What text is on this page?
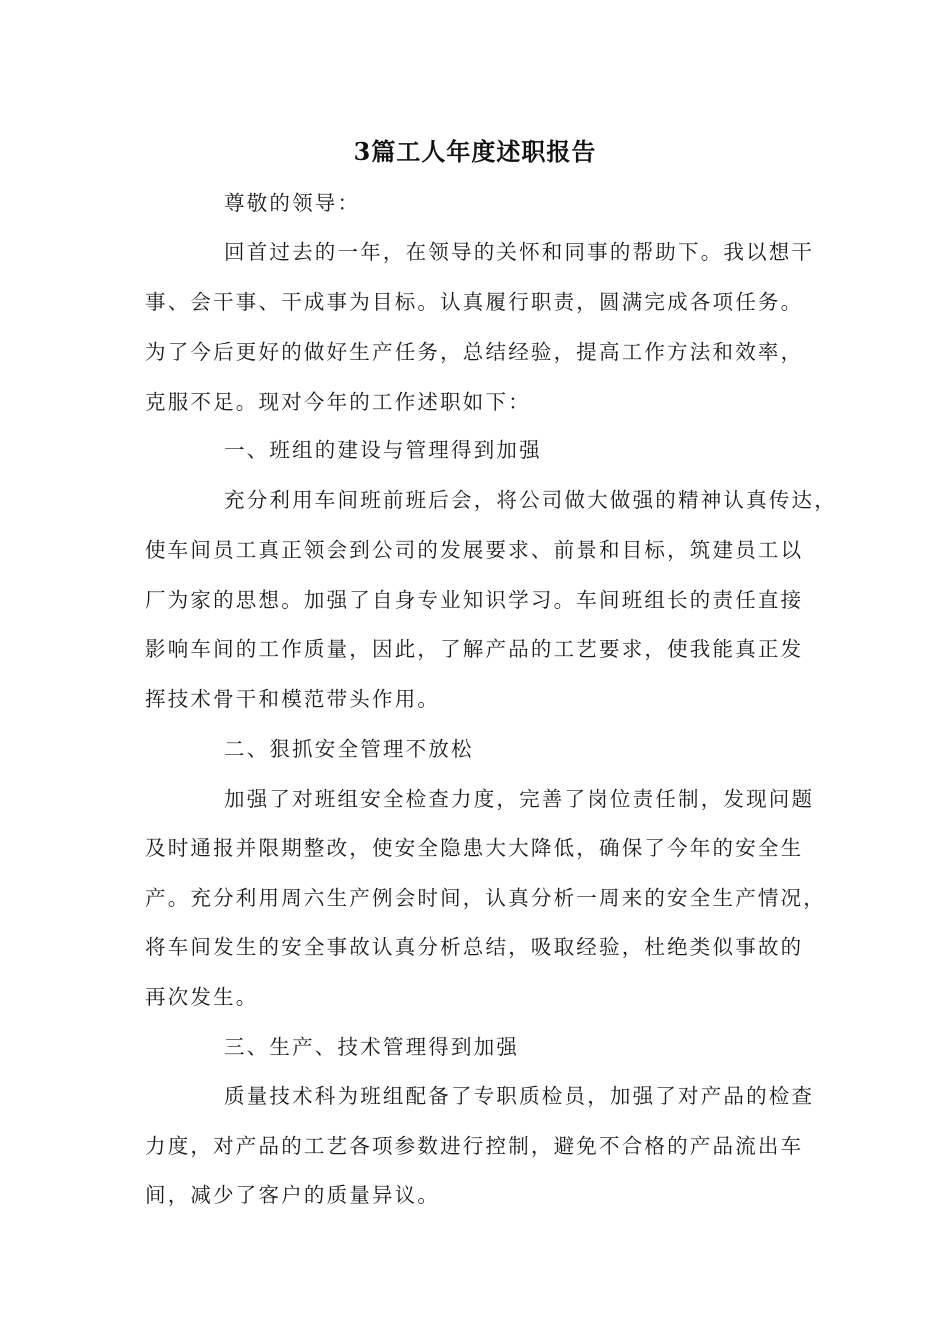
3篇工人年度述职报告
尊敬的领导：
回首过去的一年，在领导的关怀和同事的帮助下。我以想干
事、会干事、干成事为目标。认真履行职责，圆满完成各项任务。
为了今后更好的做好生产任务，总结经验，提高工作方法和效率，
克服不足。现对今年的工作述职如下：
一、班组的建设与管理得到加强
充分利用车间班前班后会，将公司做大做强的精神认真传达，
使车间员工真正领会到公司的发展要求、前景和目标，筑建员工以
厂为家的思想。加强了自身专业知识学习。车间班组长的责任直接
影响车间的工作质量，因此，了解产品的工艺要求，使我能真正发
挥技术骨干和模范带头作用。
二、狠抓安全管理不放松
加强了对班组安全检查力度，完善了岗位责任制，发现问题
及时通报并限期整改，使安全隐患大大降低，确保了今年的安全生
产。充分利用周六生产例会时间，认真分析一周来的安全生产情况，
将车间发生的安全事故认真分析总结，吸取经验，杜绝类似事故的
再次发生。
三、生产、技术管理得到加强
质量技术科为班组配备了专职质检员，加强了对产品的检查
力度，对产品的工艺各项参数进行控制，避免不合格的产品流出车
间，减少了客户的质量异议。
